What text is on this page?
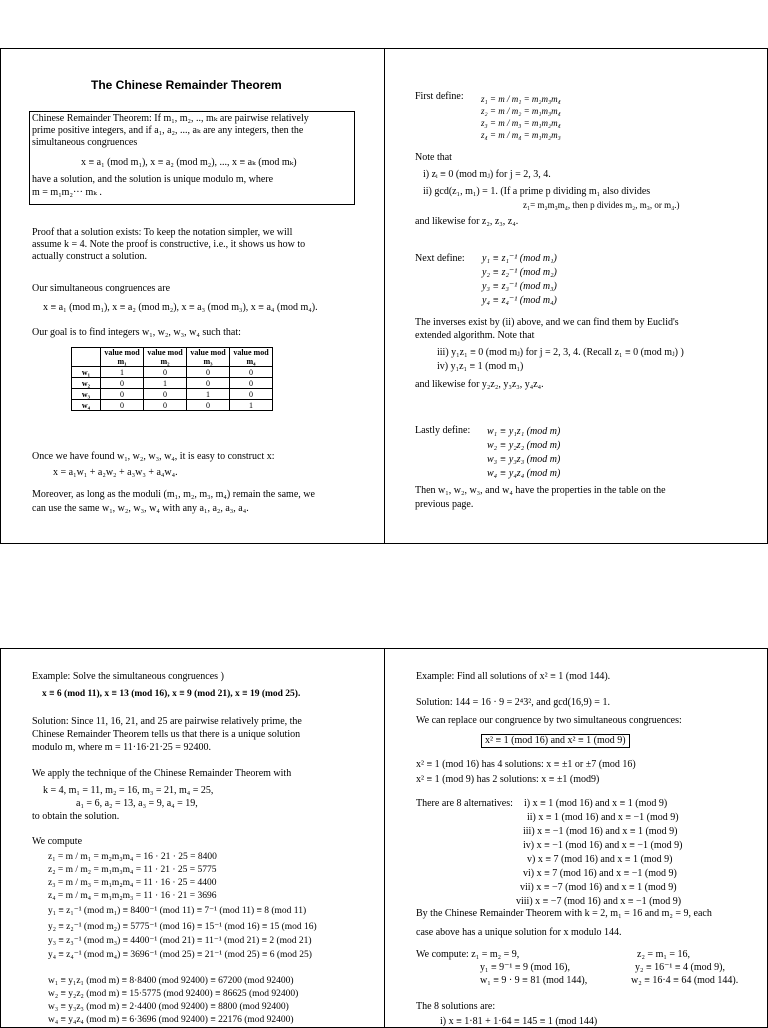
The Chinese Remainder Theorem
Chinese Remainder Theorem: If m₁, m₂, .., mₖ are pairwise relatively
prime positive integers, and if a₁, a₂, ..., aₖ are any integers, then the
simultaneous congruences
x ≡ a₁ (mod m₁), x ≡ a₂ (mod m₂), ..., x ≡ aₖ (mod mₖ)
have a solution, and the solution is unique modulo m, where
m = m₁m₂··· mₖ .
Proof that a solution exists: To keep the notation simpler, we will
assume k = 4. Note the proof is constructive, i.e., it shows us how to
actually construct a solution.
Our simultaneous congruences are
x ≡ a₁ (mod m₁), x ≡ a₂ (mod m₂), x ≡ a₃ (mod m₃), x ≡ a₄ (mod m₄).
Our goal is to find integers w₁, w₂, w₃, w₄ such that:
	value mod m₁	value mod m₂	value mod m₃	value mod m₄
w₁	1	0	0	0
w₂	0	1	0	0
w₃	0	0	1	0
w₄	0	0	0	1
Once we have found w₁, w₂, w₃, w₄, it is easy to construct x:
x = a₁w₁ + a₂w₂ + a₃w₃ + a₄w₄.
Moreover, as long as the moduli (m₁, m₂, m₃, m₄) remain the same, we
can use the same w₁, w₂, w₃, w₄ with any a₁, a₂, a₃, a₄.
First define: z₁ = m / m₁ = m₂m₃m₄
z₂ = m / m₂ = m₁m₃m₄
z₃ = m / m₃ = m₁m₂m₄
z₄ = m / m₄ = m₁m₂m₃
Note that
i) zᵢ ≡ 0 (mod mⱼ) for j = 2, 3, 4.
ii) gcd(z₁, m₁) = 1. (If a prime p dividing m₁ also divides
z₁= m₂m₃m₄, then p divides m₂, m₃, or m₄.)
and likewise for z₂, z₃, z₄.
Next define: y₁ ≡ z₁⁻¹ (mod m₁)
y₂ ≡ z₂⁻¹ (mod m₂)
y₃ ≡ z₃⁻¹ (mod m₃)
y₄ ≡ z₄⁻¹ (mod m₄)
The inverses exist by (ii) above, and we can find them by Euclid's
extended algorithm. Note that
iii) y₁z₁ ≡ 0 (mod mⱼ) for j = 2, 3, 4. (Recall z₁ ≡ 0 (mod mⱼ) )
iv) y₁z₁ ≡ 1 (mod m₁)
and likewise for y₂z₂, y₃z₃, y₄z₄.
Lastly define: w₁ ≡ y₁z₁ (mod m)
w₂ ≡ y₂z₂ (mod m)
w₃ ≡ y₃z₃ (mod m)
w₄ ≡ y₄z₄ (mod m)
Then w₁, w₂, w₃, and w₄ have the properties in the table on the
previous page.
Example: Solve the simultaneous congruences )
x ≡ 6 (mod 11), x ≡ 13 (mod 16), x ≡ 9 (mod 21), x ≡ 19 (mod 25).
Solution: Since 11, 16, 21, and 25 are pairwise relatively prime, the
Chinese Remainder Theorem tells us that there is a unique solution
modulo m, where m = 11·16·21·25 = 92400.
We apply the technique of the Chinese Remainder Theorem with
k = 4, m₁ = 11, m₂ = 16, m₃ = 21, m₄ = 25,
a₁ = 6, a₂ = 13, a₃ = 9, a₄ = 19,
to obtain the solution.
We compute
z₁ = m / m₁ = m₂m₃m₄ = 16 · 21 · 25 = 8400
z₂ = m / m₂ = m₁m₃m₄ = 11 · 21 · 25 = 5775
z₃ = m / m₃ = m₁m₂m₄ = 11 · 16 · 25 = 4400
z₄ = m / m₄ = m₁m₂m₃ = 11 · 16 · 21 = 3696
y₁ ≡ z₁⁻¹ (mod m₁) ≡ 8400⁻¹ (mod 11) ≡ 7⁻¹ (mod 11) ≡ 8 (mod 11)
y₂ ≡ z₂⁻¹ (mod m₂) ≡ 5775⁻¹ (mod 16) ≡ 15⁻¹ (mod 16) ≡ 15 (mod 16)
y₃ ≡ z₃⁻¹ (mod m₃) ≡ 4400⁻¹ (mod 21) ≡ 11⁻¹ (mod 21) ≡ 2 (mod 21)
y₄ ≡ z₄⁻¹ (mod m₄) ≡ 3696⁻¹ (mod 25) ≡ 21⁻¹ (mod 25) ≡ 6 (mod 25)
w₁ ≡ y₁z₁ (mod m) ≡ 8·8400 (mod 92400) ≡ 67200 (mod 92400)
w₂ ≡ y₂z₂ (mod m) ≡ 15·5775 (mod 92400) ≡ 86625 (mod 92400)
w₃ ≡ y₃z₃ (mod m) ≡ 2·4400 (mod 92400) ≡ 8800 (mod 92400)
w₄ ≡ y₄z₄ (mod m) ≡ 6·3696 (mod 92400) ≡ 22176 (mod 92400)
Example: Find all solutions of x² ≡ 1 (mod 144).
Solution: 144 = 16 · 9 = 2⁴3², and gcd(16,9) = 1.
We can replace our congruence by two simultaneous congruences:
x² ≡ 1 (mod 16) and x² ≡ 1 (mod 9)
x² ≡ 1 (mod 16) has 4 solutions: x ≡ ±1 or ±7 (mod 16)
x² ≡ 1 (mod 9) has 2 solutions: x ≡ ±1 (mod9)
There are 8 alternatives: i) x ≡ 1 (mod 16) and x ≡ 1 (mod 9)
ii) x ≡ 1 (mod 16) and x ≡ −1 (mod 9)
iii) x ≡ −1 (mod 16) and x ≡ 1 (mod 9)
iv) x ≡ −1 (mod 16) and x ≡ −1 (mod 9)
v) x ≡ 7 (mod 16) and x ≡ 1 (mod 9)
vi) x ≡ 7 (mod 16) and x ≡ −1 (mod 9)
vii) x ≡ −7 (mod 16) and x ≡ 1 (mod 9)
viii) x ≡ −7 (mod 16) and x ≡ −1 (mod 9)
By the Chinese Remainder Theorem with k = 2, m₁ = 16 and m₂ = 9, each
case above has a unique solution for x modulo 144.
We compute: z₁ = m₂ = 9,
y₁ ≡ 9⁻¹ ≡ 9 (mod 16),
w₁ ≡ 9 · 9 ≡ 81 (mod 144),
z₂ = m₁ = 16,
y₂ ≡ 16⁻¹ ≡ 4 (mod 9),
w₂ ≡ 16·4 ≡ 64 (mod 144).
The 8 solutions are:
i) x ≡ 1·81 + 1·64 ≡ 145 ≡ 1 (mod 144)
